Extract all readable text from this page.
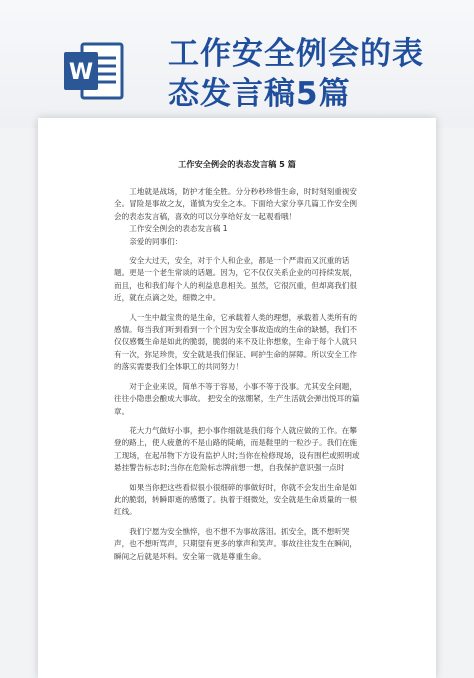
W
工作安全例会的表
态发言稿5篇
工作安全例会的表态发言稿 5 篇

工地就是战场，防护才能全胜。分分秒秒珍惜生命，时时刻刻重视安全。冒险是事故之友，谨慎为安全之本。下面给大家分享几篇工作安全例会的表态发言稿，喜欢的可以分享给好友一起观看哦！

工作安全例会的表态发言稿 1

亲爱的同事们：

安全大过天，安全，对于个人和企业，都是一个严肃而又沉重的话题。更是一个老生常谈的话题。因为，它不仅仅关系企业的可持续发展，而且，也和我们每个人的利益息息相关。虽然，它很沉重，但却离我们很近，就在点滴之处，细微之中。

人一生中最宝贵的是生命，它承载着人类的理想，承载着人类所有的感情。每当我们听到看到一个个因为安全事故造成的生命的缺憾，我们不仅仅感慨生命是如此的脆弱，脆弱的来不及让你想象，生命于每个人就只有一次，弥足珍贵，安全就是我们保证、呵护生命的屏障。所以安全工作的落实需要我们全体职工的共同努力！

对于企业来说，简单不等于容易，小事不等于没事。尤其安全问题，往往小隐患会酿成大事故。 把安全的弦绷紧，生产生活就会弹出悦耳的篇章。

花大力气做好小事，把小事作细就是我们每个人就应做的工作。在攀登的路上，使人疲惫的不是山路的陡峭，而是鞋里的一粒沙子。我们在施工现场，在起吊物下方设有监护人时;当你在检修现场，设有围栏或照明或悬挂警告标志时;当你在危险标志牌前想一想，自我保护意识强一点时

如果当你把这些看似很小很细碎的事做好时，你就不会发出生命是如此的脆弱，转瞬即逝的感慨了。执着于细微处，安全就是生命质量的一根红线。

我们宁愿为安全憔悴，也不想不为事故落泪。抓安全，既不想听哭声，也不想听骂声，只期望有更多的掌声和笑声。事故往往发生在瞬间，瞬间之后就是坏料。安全第一就是尊重生命。
